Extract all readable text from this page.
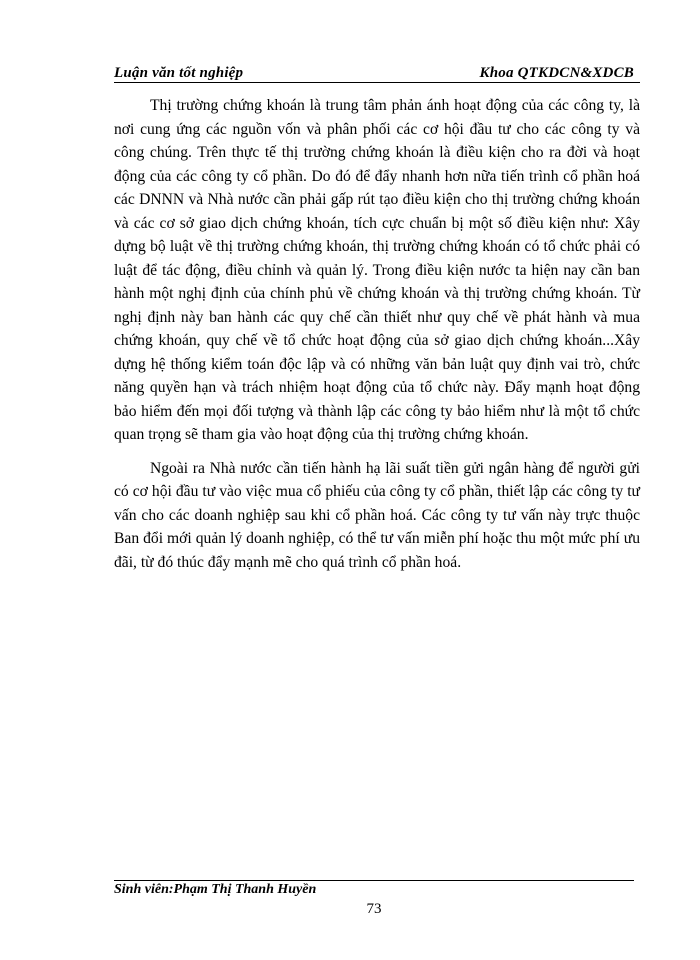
Luận văn tốt nghiệp	Khoa QTKDCN&XDCB

Thị trường chứng khoán là trung tâm phản ánh hoạt động của các công ty, là nơi cung ứng các nguồn vốn và phân phối các cơ hội đầu tư cho các công ty và công chúng. Trên thực tế thị trường chứng khoán là điều kiện cho ra đời và hoạt động của các công ty cổ phần. Do đó để đẩy nhanh hơn nữa tiến trình cổ phần hoá các DNNN và Nhà nước cần phải gấp rút tạo điều kiện cho thị trường chứng khoán và các cơ sở giao dịch chứng khoán, tích cực chuẩn bị một số điều kiện như: Xây dựng bộ luật về thị trường chứng khoán, thị trường chứng khoán có tổ chức phải có luật để tác động, điều chỉnh và quản lý. Trong điều kiện nước ta hiện nay cần ban hành một nghị định của chính phủ về chứng khoán và thị trường chứng khoán. Từ nghị định này ban hành các quy chế cần thiết như quy chế về phát hành và mua chứng khoán, quy chế về tổ chức hoạt động của sở giao dịch chứng khoán...Xây dựng hệ thống kiểm toán độc lập và có những văn bản luật quy định vai trò, chức năng quyền hạn và trách nhiệm hoạt động của tổ chức này. Đẩy mạnh hoạt động bảo hiểm đến mọi đối tượng và thành lập các công ty bảo hiểm như là một tổ chức quan trọng sẽ tham gia vào hoạt động của thị trường chứng khoán.

Ngoài ra Nhà nước cần tiến hành hạ lãi suất tiền gửi ngân hàng để người gửi có cơ hội đầu tư vào việc mua cổ phiếu của công ty cổ phần, thiết lập các công ty tư vấn cho các doanh nghiệp sau khi cổ phần hoá. Các công ty tư vấn này trực thuộc Ban đổi mới quản lý doanh nghiệp, có thể tư vấn miễn phí hoặc thu một mức phí ưu đãi, từ đó thúc đẩy mạnh mẽ cho quá trình cổ phần hoá.

Sinh viên:Phạm Thị Thanh Huyền
73
